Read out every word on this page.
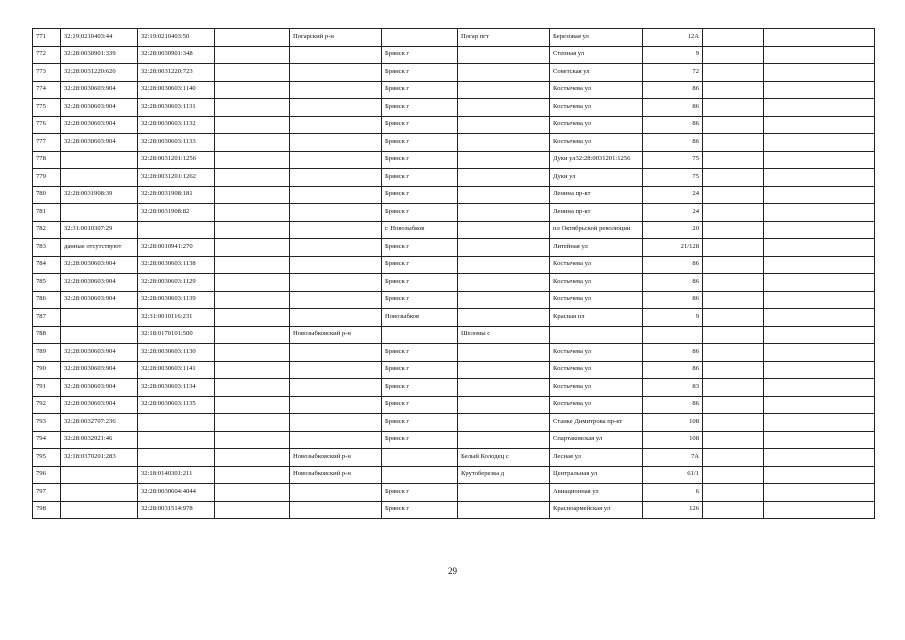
771	32:19:0210403:44	32:19:0210403:50		Погарский р-н		Погар пгт	Березовая ул	12А		
772	32:28:0030901:339	32:28:0030901:348			Брянск г		Степная ул	9		
773	32:28:0031220:620	32:28:0031220:723			Брянск г		Советская ул	72		
774	32:28:0030603:904	32:28:0030603:1140			Брянск г		Костычева ул	86		
775	32:28:0030603:904	32:28:0030603:1131			Брянск г		Костычева ул	86		
776	32:28:0030603:904	32:28:0030603:1132			Брянск г		Костычева ул	86		
777	32:28:0030603:904	32:28:0030603:1133			Брянск г		Костычева ул	86		
778		32:28:0031201:1256			Брянск г		Дуки ул32:28:0031201:1256	75		
779		32:28:0031201:1262			Брянск г		Дуки ул	75		
780	32:28:0031908:39	32:28:0031908:181			Брянск г		Ленина пр-кт	24		
781		32:28:0031908:82			Брянск г		Ленина пр-кт	24		
782	32:31:0010307:29				г. Новозыбков		пл Октябрьской революции	20		
783	данные отсутствуют	32:28:0010941:270			Брянск г		Литейная ул	21/128		
784	32:28:0030603:904	32:28:0030603:1138			Брянск г		Костычева ул	86		
785	32:28:0030603:904	32:28:0030603:1129			Брянск г		Костычева ул	86		
786	32:28:0030603:904	32:28:0030603:1139			Брянск г		Костычева ул	86		
787		32:31:0010116:231			Новозыбков		Красная пл	9		
788		32:18:0170101:500		Новозыбковский р-н		Шеломы с				
789	32:28:0030603:904	32:28:0030603:1130			Брянск г		Костычева ул	86		
790	32:28:0030603:904	32:28:0030603:1141			Брянск г		Костычева ул	86		
791	32:28:0030603:904	32:28:0030603:1134			Брянск г		Костычева ул	83		
792	32:28:0030603:904	32:28:0030603:1135			Брянск г		Костычева ул	86		
793	32:28:0032707:236				Брянск г		Станке Димитрова пр-кт	108		
794	32:28:0032921:46				Брянск г		Спартаковская ул	108		
795	32:18:0370201:283			Новозыбковский р-н		Белый Колодец с	Лесная ул	7А		
796		32:18:0140301:211		Новозыбковский р-н		Крутоберезка д	Центральная ул	61/1		
797		32:28:0030604:4044			Брянск г		Авиационная ул	6		
798		32:28:0031514:978			Брянск г		Красноармейская ул	126		
29
